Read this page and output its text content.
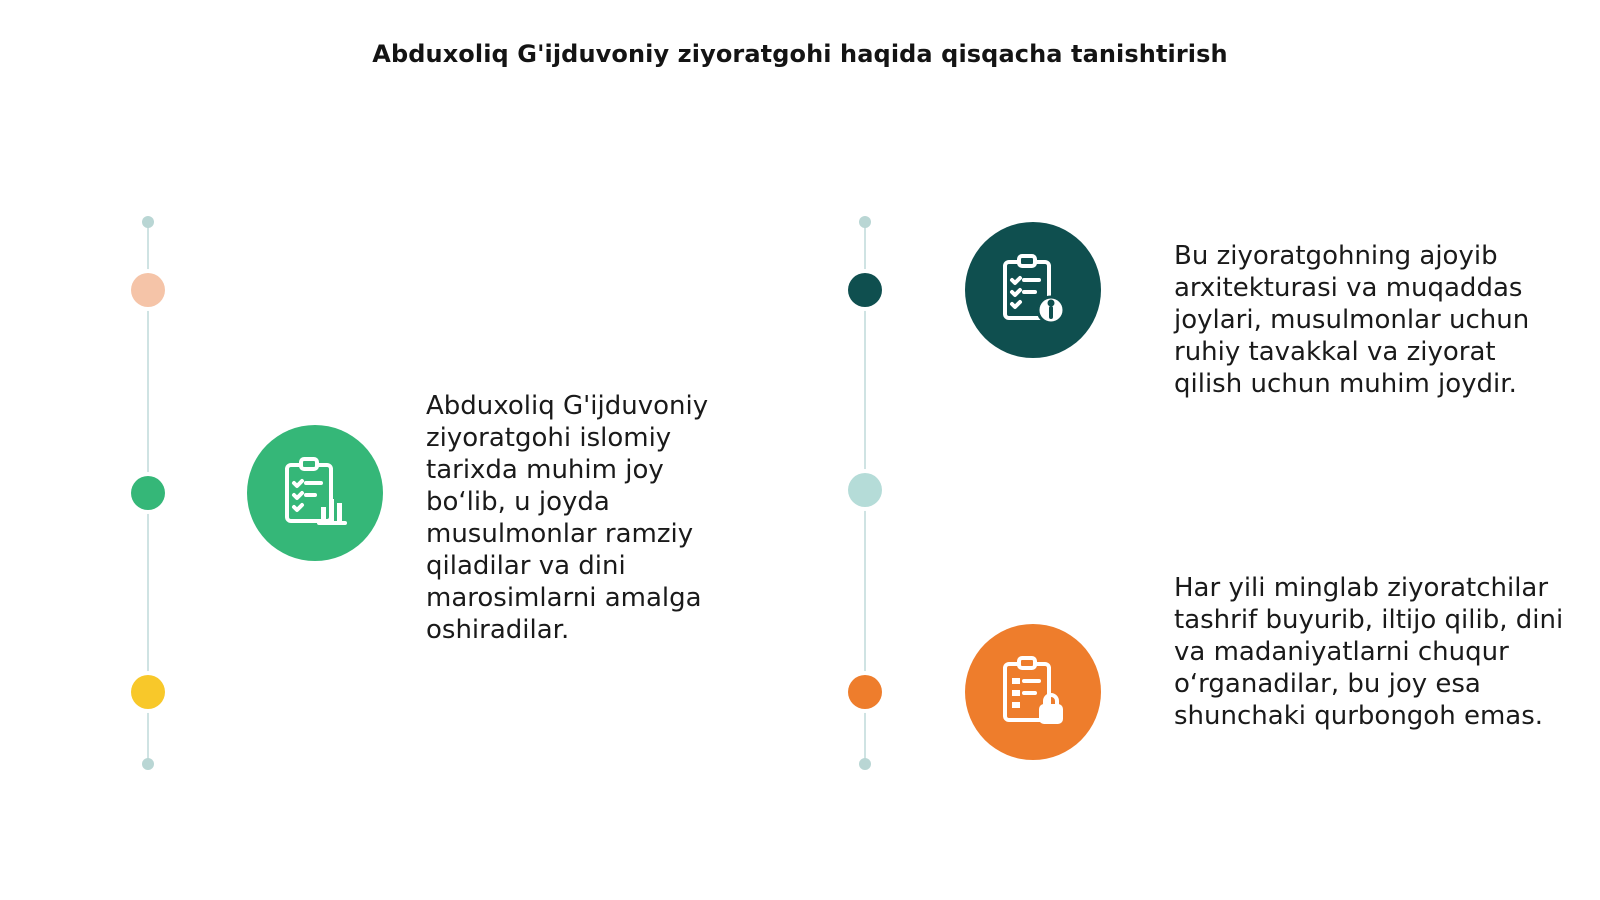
Abduxoliq G'ijduvoniy ziyoratgohi haqida qisqacha tanishtirish
Abduxoliq G'ijduvoniy ziyoratgohi islomiy tarixda muhim joy bo‘lib, u joyda musulmonlar ramziy qiladilar va dini marosimlarni amalga oshiradilar.
Bu ziyoratgohning ajoyib arxitekturasi va muqaddas joylari, musulmonlar uchun ruhiy tavakkal va ziyorat qilish uchun muhim joydir.
Har yili minglab ziyoratchilar tashrif buyurib, iltijo qilib, dini va madaniyatlarni chuqur o‘rganadilar, bu joy esa shunchaki qurbongoh emas.
